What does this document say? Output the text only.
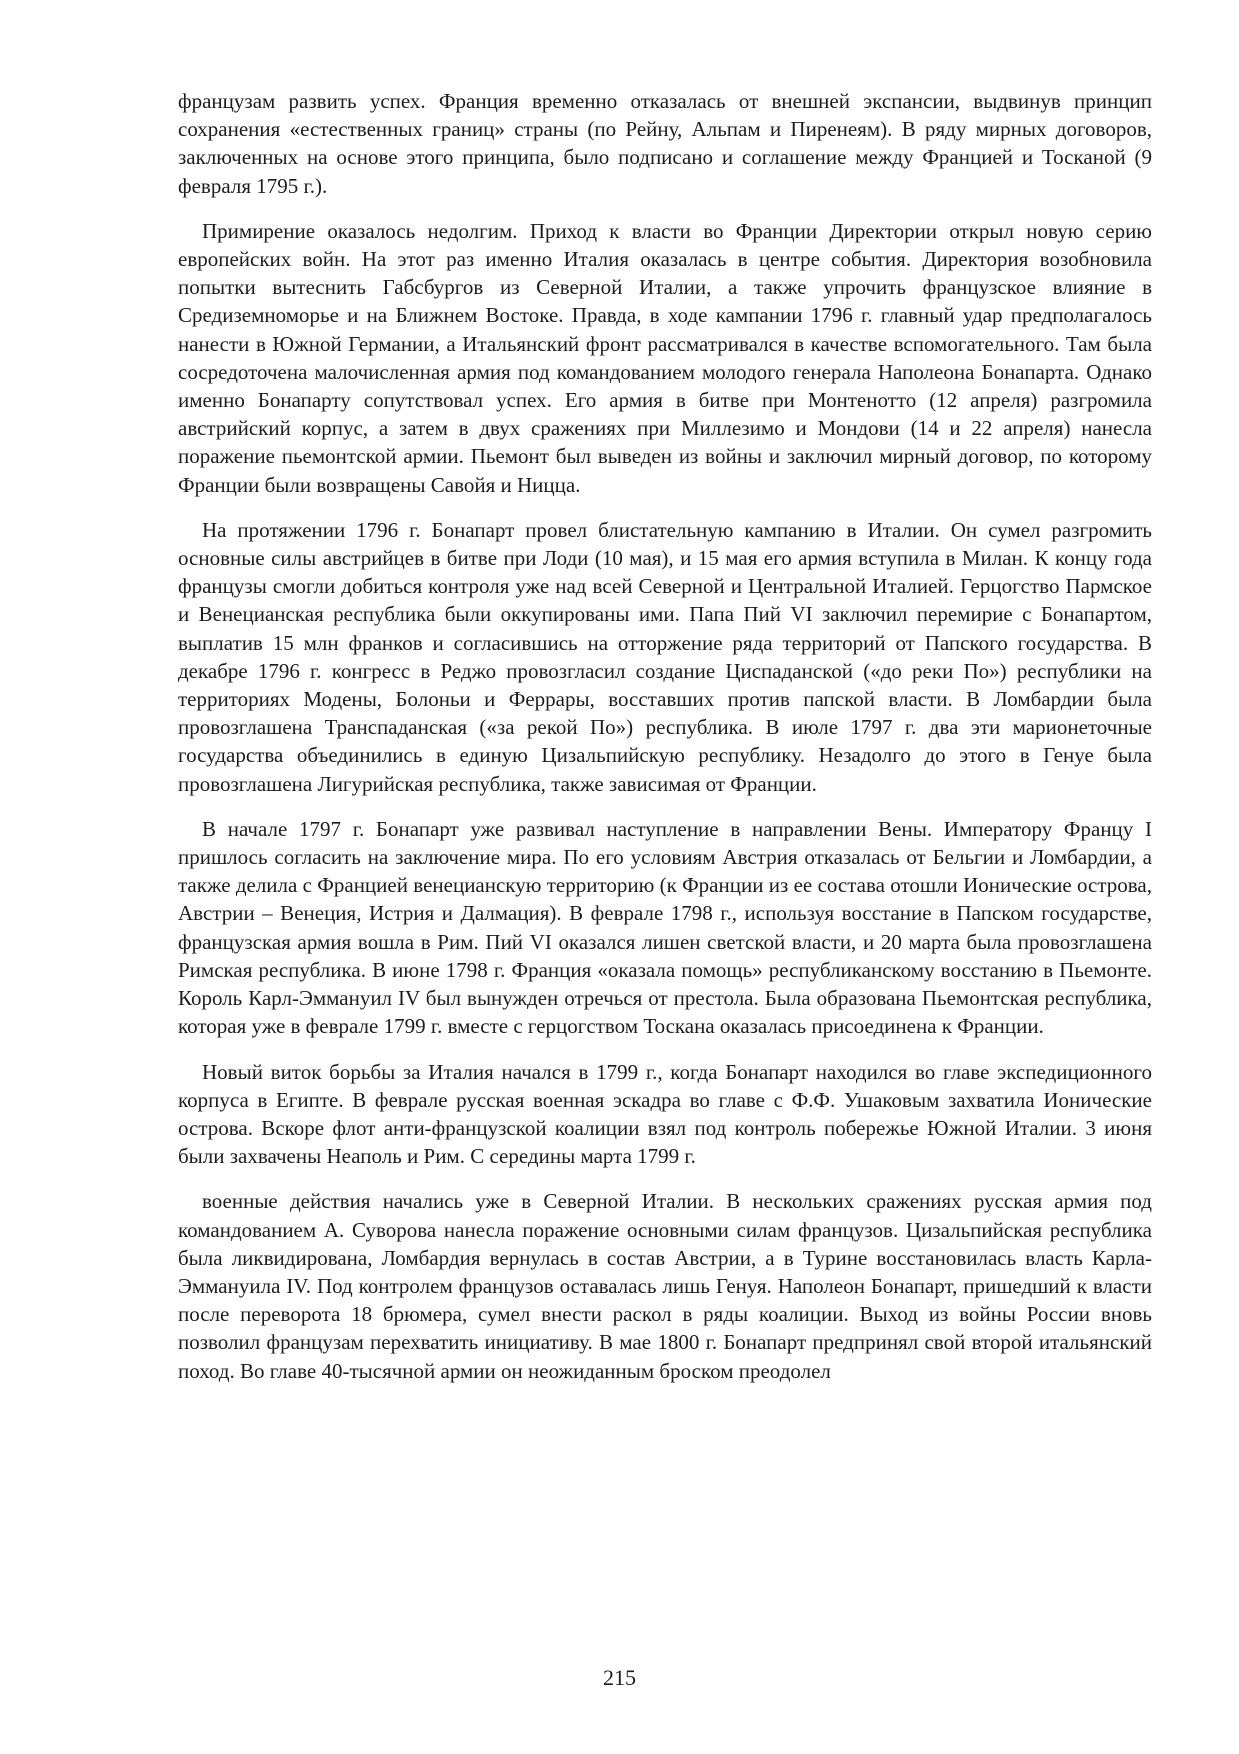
французам развить успех. Франция временно отказалась от внешней экспансии, выдвинув принцип сохранения «естественных границ» страны (по Рейну, Альпам и Пиренеям). В ряду мирных договоров, заключенных на основе этого принципа, было подписано и соглашение между Францией и Тосканой (9 февраля 1795 г.).

Примирение оказалось недолгим. Приход к власти во Франции Директории открыл новую серию европейских войн. На этот раз именно Италия оказалась в центре события. Директория возобновила попытки вытеснить Габсбургов из Северной Италии, а также упрочить французское влияние в Средиземноморье и на Ближнем Востоке. Правда, в ходе кампании 1796 г. главный удар предполагалось нанести в Южной Германии, а Итальянский фронт рассматривался в качестве вспомогательного. Там была сосредоточена малочисленная армия под командованием молодого генерала Наполеона Бонапарта. Однако именно Бонапарту сопутствовал успех. Его армия в битве при Монтенотто (12 апреля) разгромила австрийский корпус, а затем в двух сражениях при Миллезимо и Мондови (14 и 22 апреля) нанесла поражение пьемонтской армии. Пьемонт был выведен из войны и заключил мирный договор, по которому Франции были возвращены Савойя и Ницца.

На протяжении 1796 г. Бонапарт провел блистательную кампанию в Италии. Он сумел разгромить основные силы австрийцев в битве при Лоди (10 мая), и 15 мая его армия вступила в Милан. К концу года французы смогли добиться контроля уже над всей Северной и Центральной Италией. Герцогство Пармское и Венецианская республика были оккупированы ими. Папа Пий VI заключил перемирие с Бонапартом, выплатив 15 млн франков и согласившись на отторжение ряда территорий от Папского государства. В декабре 1796 г. конгресс в Реджо провозгласил создание Циспаданской («до реки По») республики на территориях Модены, Болоньи и Феррары, восставших против папской власти. В Ломбардии была провозглашена Транспаданская («за рекой По») республика. В июле 1797 г. два эти марионеточные государства объединились в единую Цизальпийскую республику. Незадолго до этого в Генуе была провозглашена Лигурийская республика, также зависимая от Франции.

В начале 1797 г. Бонапарт уже развивал наступление в направлении Вены. Императору Францу I пришлось согласить на заключение мира. По его условиям Австрия отказалась от Бельгии и Ломбардии, а также делила с Францией венецианскую территорию (к Франции из ее состава отошли Ионические острова, Австрии – Венеция, Истрия и Далмация). В феврале 1798 г., используя восстание в Папском государстве, французская армия вошла в Рим. Пий VI оказался лишен светской власти, и 20 марта была провозглашена Римская республика. В июне 1798 г. Франция «оказала помощь» республиканскому восстанию в Пьемонте. Король Карл-Эммануил IV был вынужден отречься от престола. Была образована Пьемонтская республика, которая уже в феврале 1799 г. вместе с герцогством Тоскана оказалась присоединена к Франции.

Новый виток борьбы за Италия начался в 1799 г., когда Бонапарт находился во главе экспедиционного корпуса в Египте. В феврале русская военная эскадра во главе с Ф.Ф. Ушаковым захватила Ионические острова. Вскоре флот анти-французской коалиции взял под контроль побережье Южной Италии. 3 июня были захвачены Неаполь и Рим. С середины марта 1799 г.

военные действия начались уже в Северной Италии. В нескольких сражениях русская армия под командованием А. Суворова нанесла поражение основными силам французов. Цизальпийская республика была ликвидирована, Ломбардия вернулась в состав Австрии, а в Турине восстановилась власть Карла-Эммануила IV. Под контролем французов оставалась лишь Генуя. Наполеон Бонапарт, пришедший к власти после переворота 18 брюмера, сумел внести раскол в ряды коалиции. Выход из войны России вновь позволил французам перехватить инициативу. В мае 1800 г. Бонапарт предпринял свой второй итальянский поход. Во главе 40-тысячной армии он неожиданным броском преодолел

215
